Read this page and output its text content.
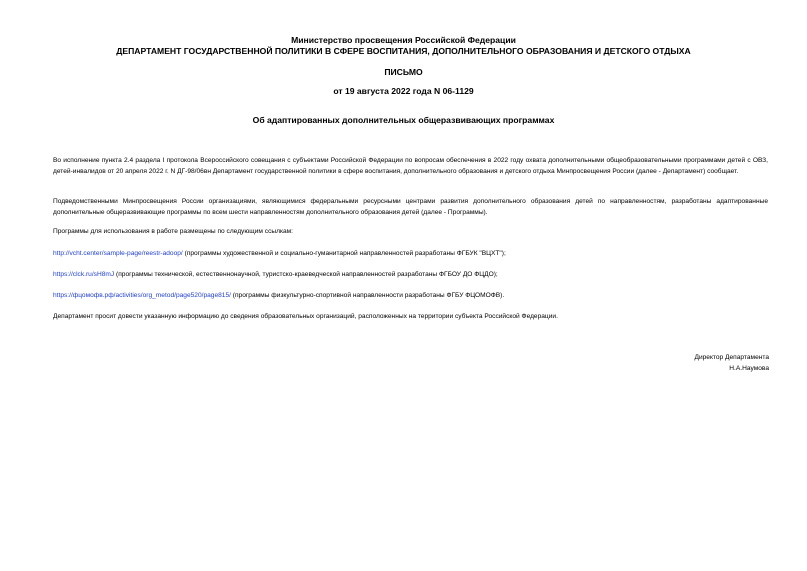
Министерство просвещения Российской Федерации
ДЕПАРТАМЕНТ ГОСУДАРСТВЕННОЙ ПОЛИТИКИ В СФЕРЕ ВОСПИТАНИЯ, ДОПОЛНИТЕЛЬНОГО ОБРАЗОВАНИЯ И ДЕТСКОГО ОТДЫХА
ПИСЬМО
от 19 августа 2022 года N 06-1129
Об адаптированных дополнительных общеразвивающих программах
Во исполнение пункта 2.4 раздела I протокола Всероссийского совещания с субъектами Российской Федерации по вопросам обеспечения в 2022 году охвата дополнительными общеобразовательными программами детей с ОВЗ, детей-инвалидов от 20 апреля 2022 г. N ДГ-98/06вн Департамент государственной политики в сфере воспитания, дополнительного образования и детского отдыха Минпросвещения России (далее - Департамент) сообщает.
Подведомственными Минпросвещения России организациями, являющимися федеральными ресурсными центрами развития дополнительного образования детей по направленностям, разработаны адаптированные дополнительные общеразвивающие программы по всем шести направленностям дополнительного образования детей (далее - Программы).
Программы для использования в работе размещены по следующим ссылкам:
http://vcht.center/sample-page/reestr-adoop/ (программы художественной и социально-гуманитарной направленностей разработаны ФГБУК "ВЦХТ");
https://clck.ru/sH8mJ (программы технической, естественнонаучной, туристско-краеведческой направленностей разработаны ФГБОУ ДО ФЦДО);
https://фцомофв.рф/activities/org_metod/page520/page815/ (программы физкультурно-спортивной направленности разработаны ФГБУ ФЦОМОФВ).
Департамент просит довести указанную информацию до сведения образовательных организаций, расположенных на территории субъекта Российской Федерации.
Директор Департамента
Н.А.Наумова
